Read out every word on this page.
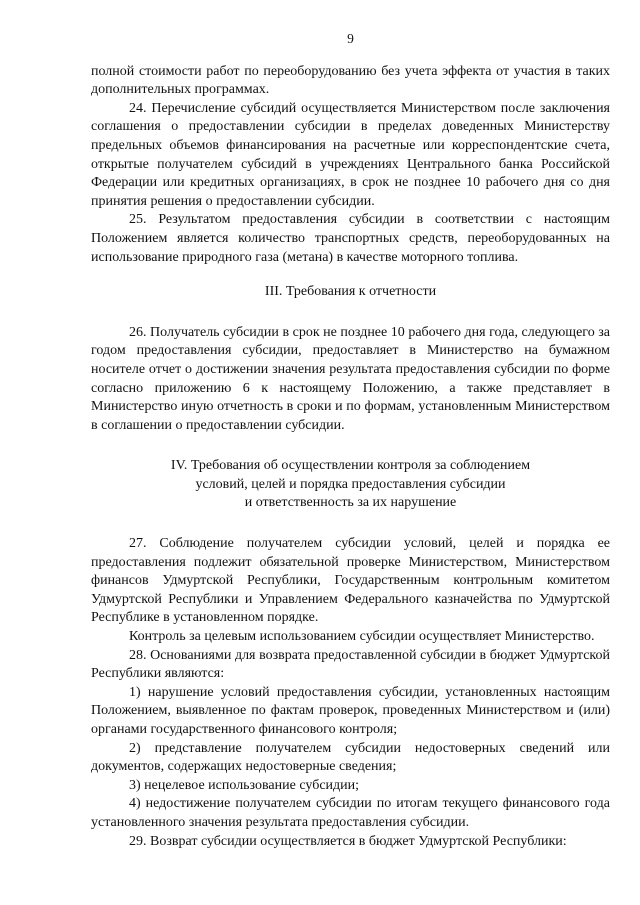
9

полной стоимости работ по переоборудованию без учета эффекта от участия в таких дополнительных программах.

24. Перечисление субсидий осуществляется Министерством после заключения соглашения о предоставлении субсидии в пределах доведенных Министерству предельных объемов финансирования на расчетные или корреспондентские счета, открытые получателем субсидий в учреждениях Центрального банка Российской Федерации или кредитных организациях, в срок не позднее 10 рабочего дня со дня принятия решения о предоставлении субсидии.

25. Результатом предоставления субсидии в соответствии с настоящим Положением является количество транспортных средств, переоборудованных на использование природного газа (метана) в качестве моторного топлива.

III. Требования к отчетности

26. Получатель субсидии в срок не позднее 10 рабочего дня года, следующего за годом предоставления субсидии, предоставляет в Министерство на бумажном носителе отчет о достижении значения результата предоставления субсидии по форме согласно приложению 6 к настоящему Положению, а также представляет в Министерство иную отчетность в сроки и по формам, установленным Министерством в соглашении о предоставлении субсидии.

IV. Требования об осуществлении контроля за соблюдением
условий, целей и порядка предоставления субсидии
и ответственность за их нарушение

27. Соблюдение получателем субсидии условий, целей и порядка ее предоставления подлежит обязательной проверке Министерством, Министерством финансов Удмуртской Республики, Государственным контрольным комитетом Удмуртской Республики и Управлением Федерального казначейства по Удмуртской Республике в установленном порядке.

Контроль за целевым использованием субсидии осуществляет Министерство.

28. Основаниями для возврата предоставленной субсидии в бюджет Удмуртской Республики являются:

1) нарушение условий предоставления субсидии, установленных настоящим Положением, выявленное по фактам проверок, проведенных Министерством и (или) органами государственного финансового контроля;

2) представление получателем субсидии недостоверных сведений или документов, содержащих недостоверные сведения;

3) нецелевое использование субсидии;

4) недостижение получателем субсидии по итогам текущего финансового года установленного значения результата предоставления субсидии.

29. Возврат субсидии осуществляется в бюджет Удмуртской Республики:
